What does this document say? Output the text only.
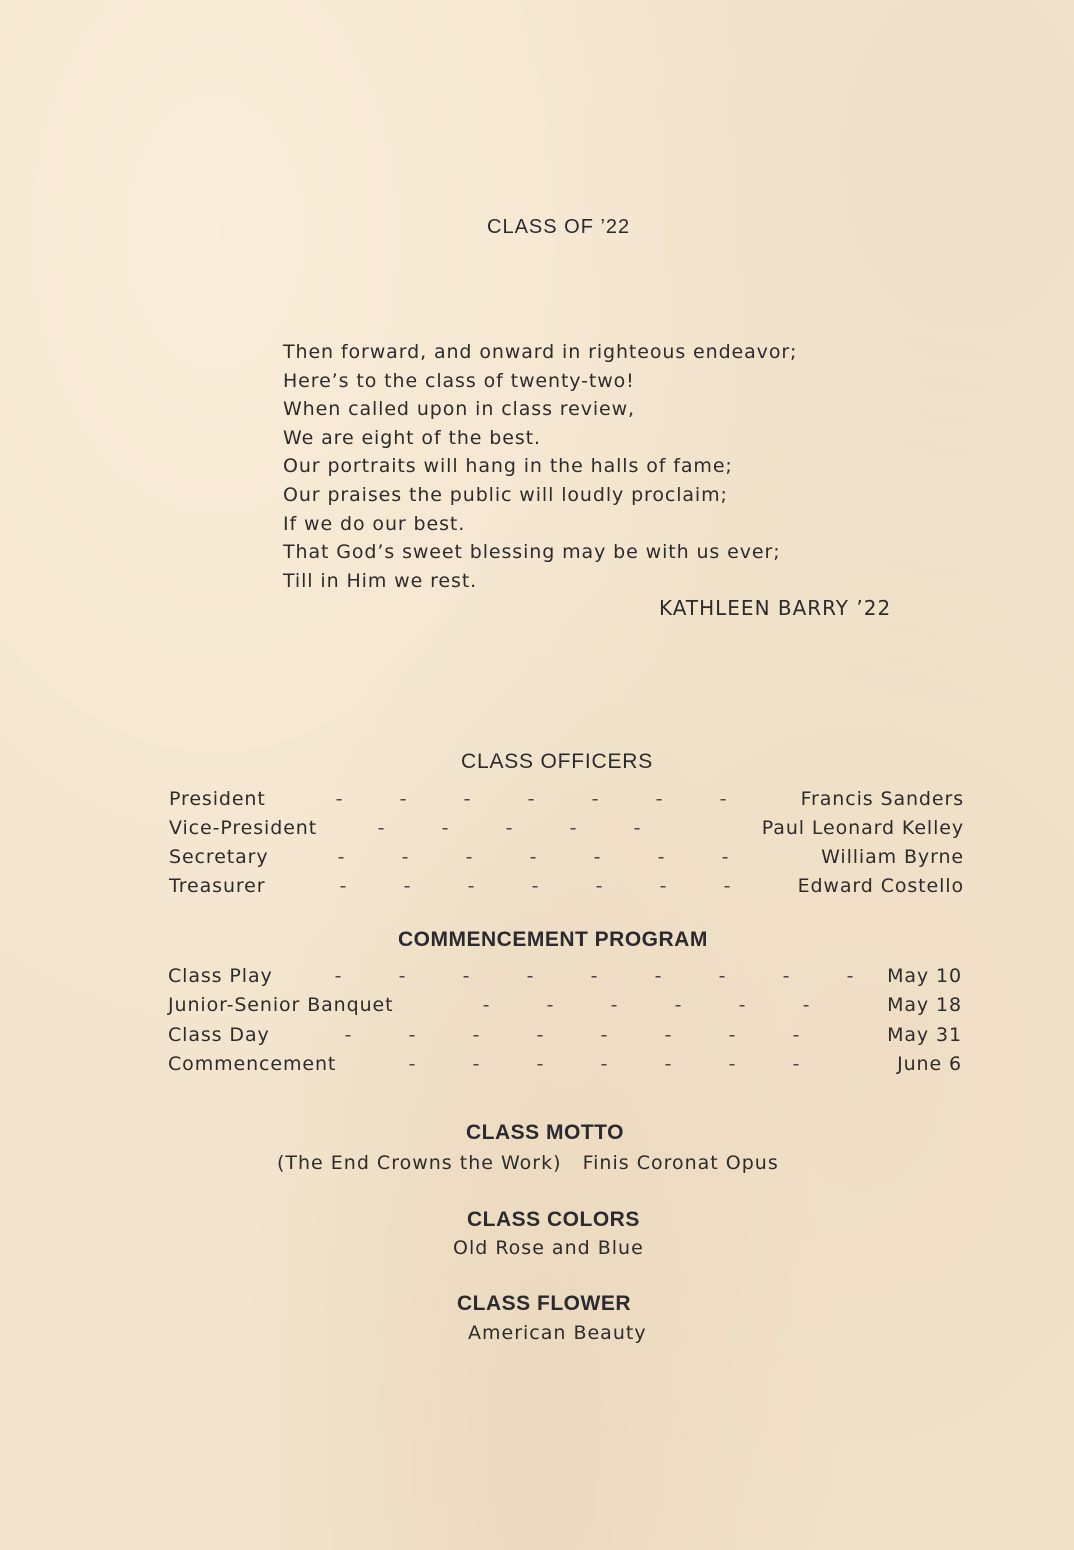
CLASS OF ’22
Then forward, and onward in righteous endeavor;
Here’s to the class of twenty-two!
When called upon in class review,
We are eight of the best.
Our portraits will hang in the halls of fame;
Our praises the public will loudly proclaim;
If we do our best.
That God’s sweet blessing may be with us ever;
Till in Him we rest.
KATHLEEN BARRY ’22
CLASS OFFICERS
President	-	-	-	-	-	-	-	Francis Sanders
Vice-President	-	-	-	-	-	Paul Leonard Kelley
Secretary	-	-	-	-	-	-	-	William Byrne
Treasurer	-	-	-	-	-	-	-	Edward Costello
COMMENCEMENT PROGRAM
Class Play	-	-	-	-	-	-	-	-	-	May 10
Junior-Senior Banquet	-	-	-	-	-	-	May 18
Class Day	-	-	-	-	-	-	-	-	May 31
Commencement	-	-	-	-	-	-	-	June 6
CLASS MOTTO
(The End Crowns the Work)   Finis Coronat Opus
CLASS COLORS
Old Rose and Blue
CLASS FLOWER
American Beauty
